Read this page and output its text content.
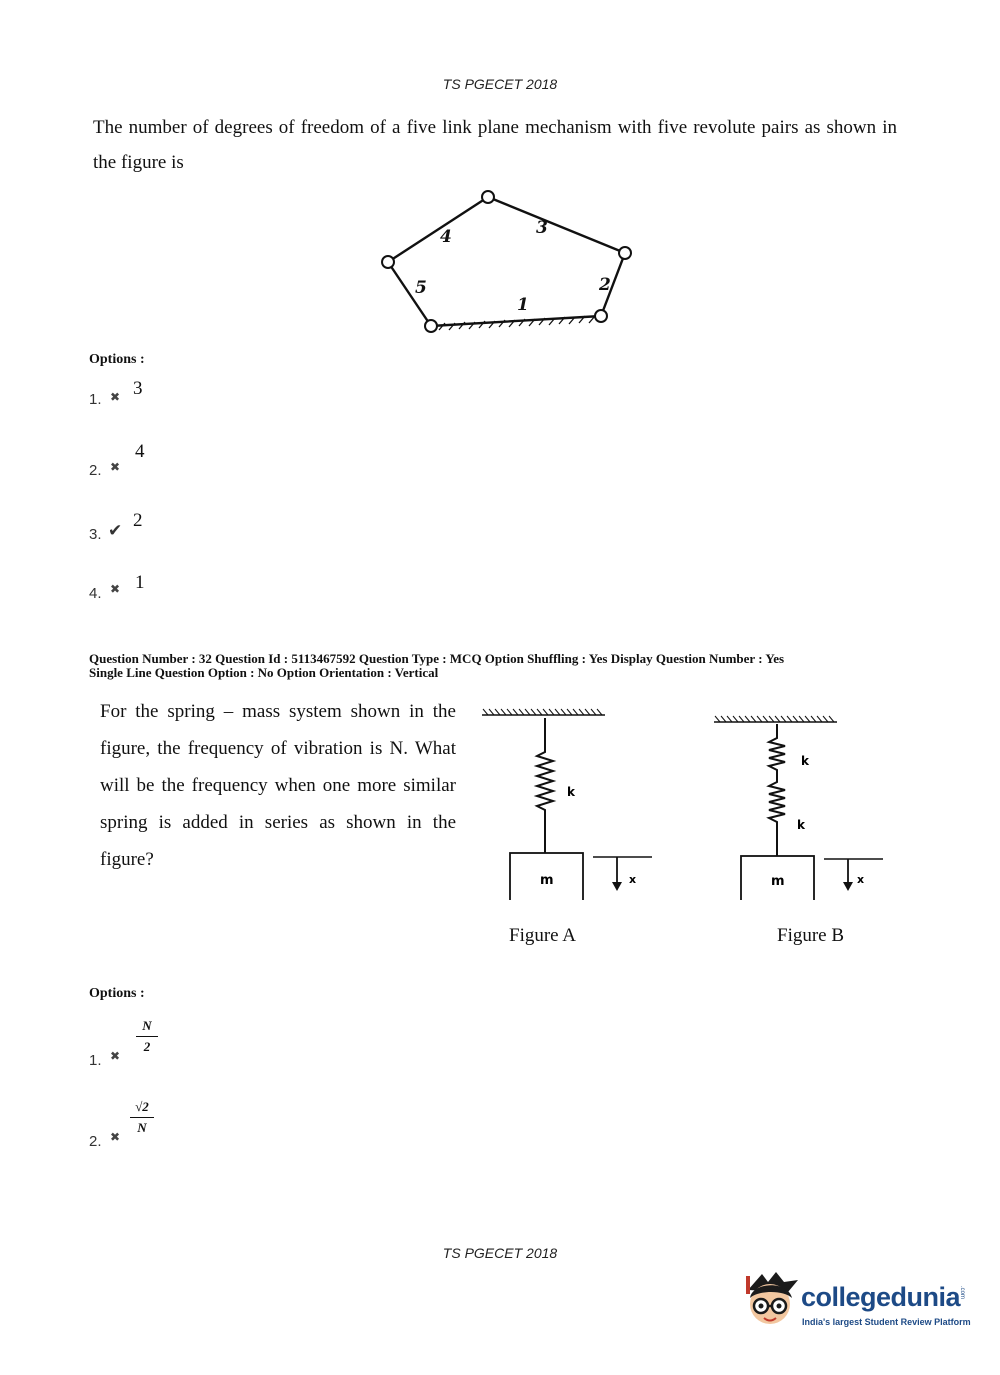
TS PGECET 2018
The number of degrees of freedom of a five link plane mechanism with five revolute pairs as shown in the figure is
1
2
3
4
5
Options :
1. ✖ 3
2. ✖
4
3. ✔ 2
4. ✖ 1
Question Number : 32 Question Id : 5113467592 Question Type : MCQ Option Shuffling : Yes Display Question Number : Yes
Single Line Question Option : No Option Orientation : Vertical
For the spring – mass system shown in the figure, the frequency of vibration is N. What will be the frequency when one more similar spring is added in series as shown in the figure?
k
m	x
k
k
m	x
Figure A	Figure B
Options :
1. ✖
$\frac{N}{2}$
2. ✖
$\frac{√2}{N}$
TS PGECET 2018
collegedunia
.com
India's largest Student Review Platform
